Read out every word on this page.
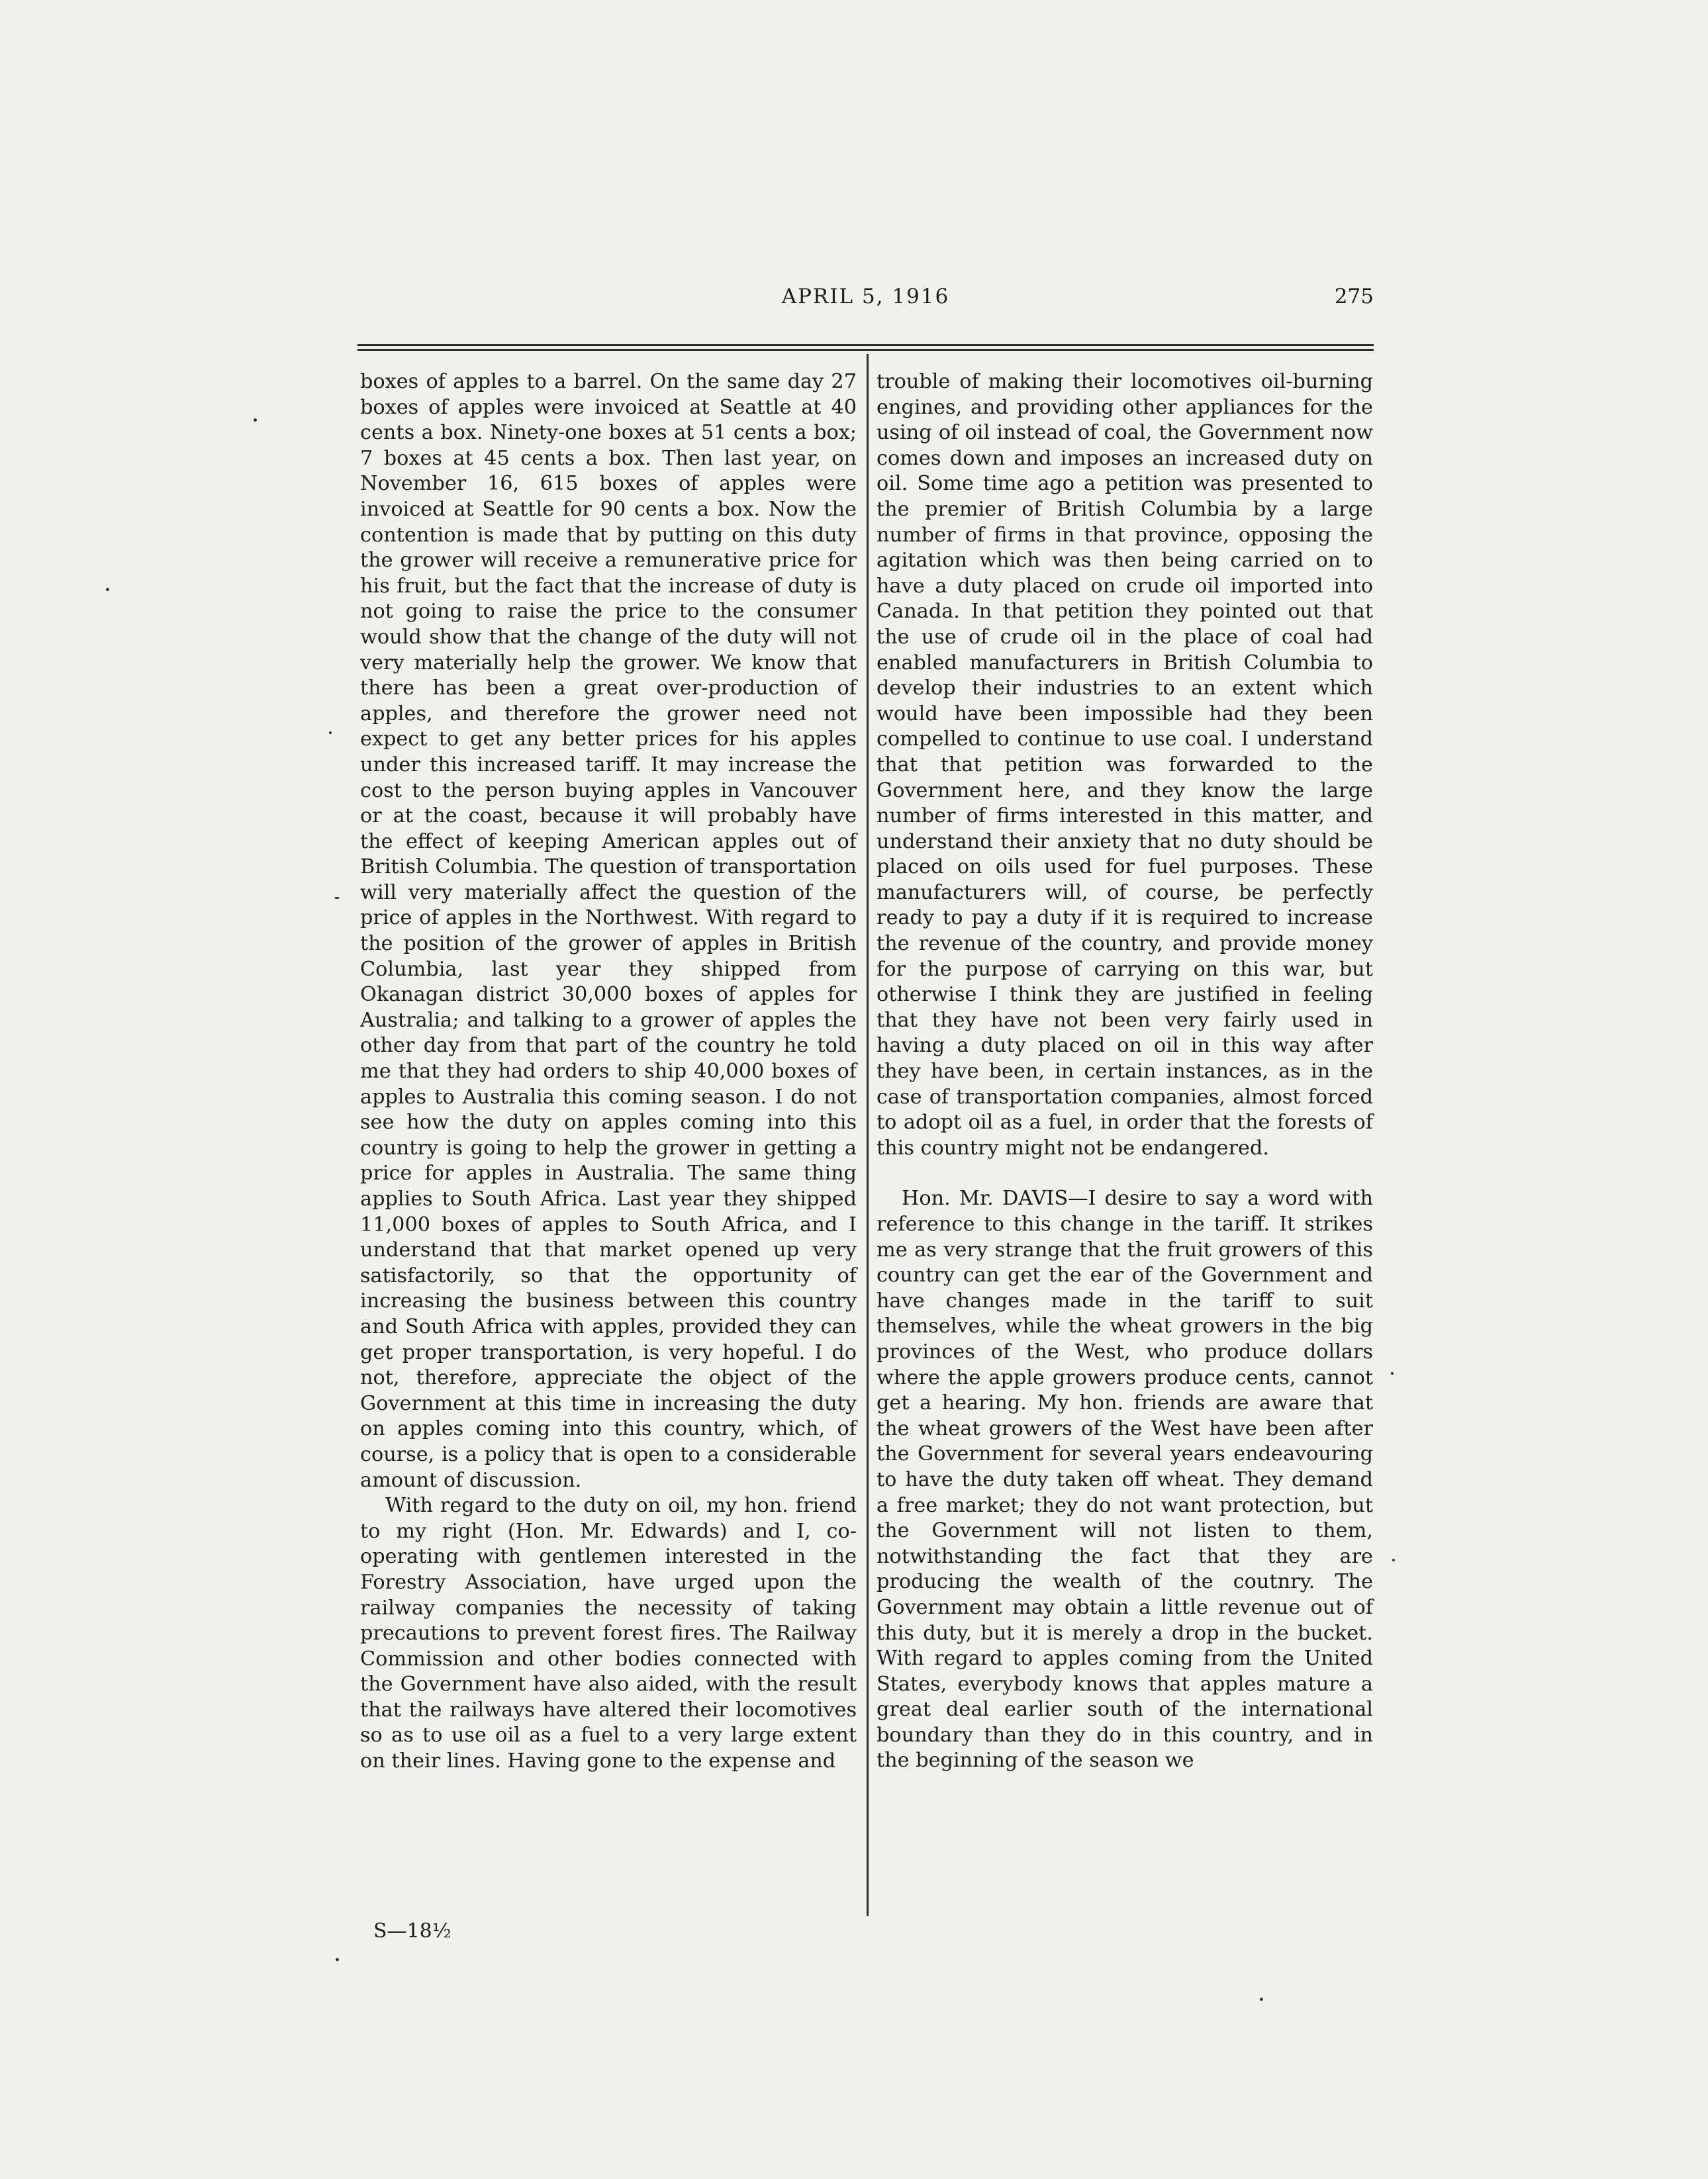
APRIL 5, 1916	275

boxes of apples to a barrel. On the same day 27 boxes of apples were invoiced at Seattle at 40 cents a box. Ninety-one boxes at 51 cents a box; 7 boxes at 45 cents a box. Then last year, on November 16, 615 boxes of apples were invoiced at Seattle for 90 cents a box. Now the contention is made that by putting on this duty the grower will receive a remunerative price for his fruit, but the fact that the increase of duty is not going to raise the price to the consumer would show that the change of the duty will not very materially help the grower. We know that there has been a great over-production of apples, and therefore the grower need not expect to get any better prices for his apples under this increased tariff. It may increase the cost to the person buying apples in Vancouver or at the coast, because it will probably have the effect of keeping American apples out of British Columbia. The question of transportation will very materially affect the question of the price of apples in the Northwest. With regard to the position of the grower of apples in British Columbia, last year they shipped from Okanagan district 30,000 boxes of apples for Australia; and talking to a grower of apples the other day from that part of the country he told me that they had orders to ship 40,000 boxes of apples to Australia this coming season. I do not see how the duty on apples coming into this country is going to help the grower in getting a price for apples in Australia. The same thing applies to South Africa. Last year they shipped 11,000 boxes of apples to South Africa, and I understand that that market opened up very satisfactorily, so that the opportunity of increasing the business between this country and South Africa with apples, provided they can get proper transportation, is very hopeful. I do not, therefore, appreciate the object of the Government at this time in increasing the duty on apples coming into this country, which, of course, is a policy that is open to a considerable amount of discussion.

With regard to the duty on oil, my hon. friend to my right (Hon. Mr. Edwards) and I, co-operating with gentlemen interested in the Forestry Association, have urged upon the railway companies the necessity of taking precautions to prevent forest fires. The Railway Commission and other bodies connected with the Government have also aided, with the result that the railways have altered their locomotives so as to use oil as a fuel to a very large extent on their lines. Having gone to the expense and

trouble of making their locomotives oil-burning engines, and providing other appliances for the using of oil instead of coal, the Government now comes down and imposes an increased duty on oil. Some time ago a petition was presented to the premier of British Columbia by a large number of firms in that province, opposing the agitation which was then being carried on to have a duty placed on crude oil imported into Canada. In that petition they pointed out that the use of crude oil in the place of coal had enabled manufacturers in British Columbia to develop their industries to an extent which would have been impossible had they been compelled to continue to use coal. I understand that that petition was forwarded to the Government here, and they know the large number of firms interested in this matter, and understand their anxiety that no duty should be placed on oils used for fuel purposes. These manufacturers will, of course, be perfectly ready to pay a duty if it is required to increase the revenue of the country, and provide money for the purpose of carrying on this war, but otherwise I think they are justified in feeling that they have not been very fairly used in having a duty placed on oil in this way after they have been, in certain instances, as in the case of transportation companies, almost forced to adopt oil as a fuel, in order that the forests of this country might not be endangered.

Hon. Mr. DAVIS—I desire to say a word with reference to this change in the tariff. It strikes me as very strange that the fruit growers of this country can get the ear of the Government and have changes made in the tariff to suit themselves, while the wheat growers in the big provinces of the West, who produce dollars where the apple growers produce cents, cannot get a hearing. My hon. friends are aware that the wheat growers of the West have been after the Government for several years endeavouring to have the duty taken off wheat. They demand a free market; they do not want protection, but the Government will not listen to them, notwithstanding the fact that they are producing the wealth of the coutnry. The Government may obtain a little revenue out of this duty, but it is merely a drop in the bucket. With regard to apples coming from the United States, everybody knows that apples mature a great deal earlier south of the international boundary than they do in this country, and in the beginning of the season we

S—18½
